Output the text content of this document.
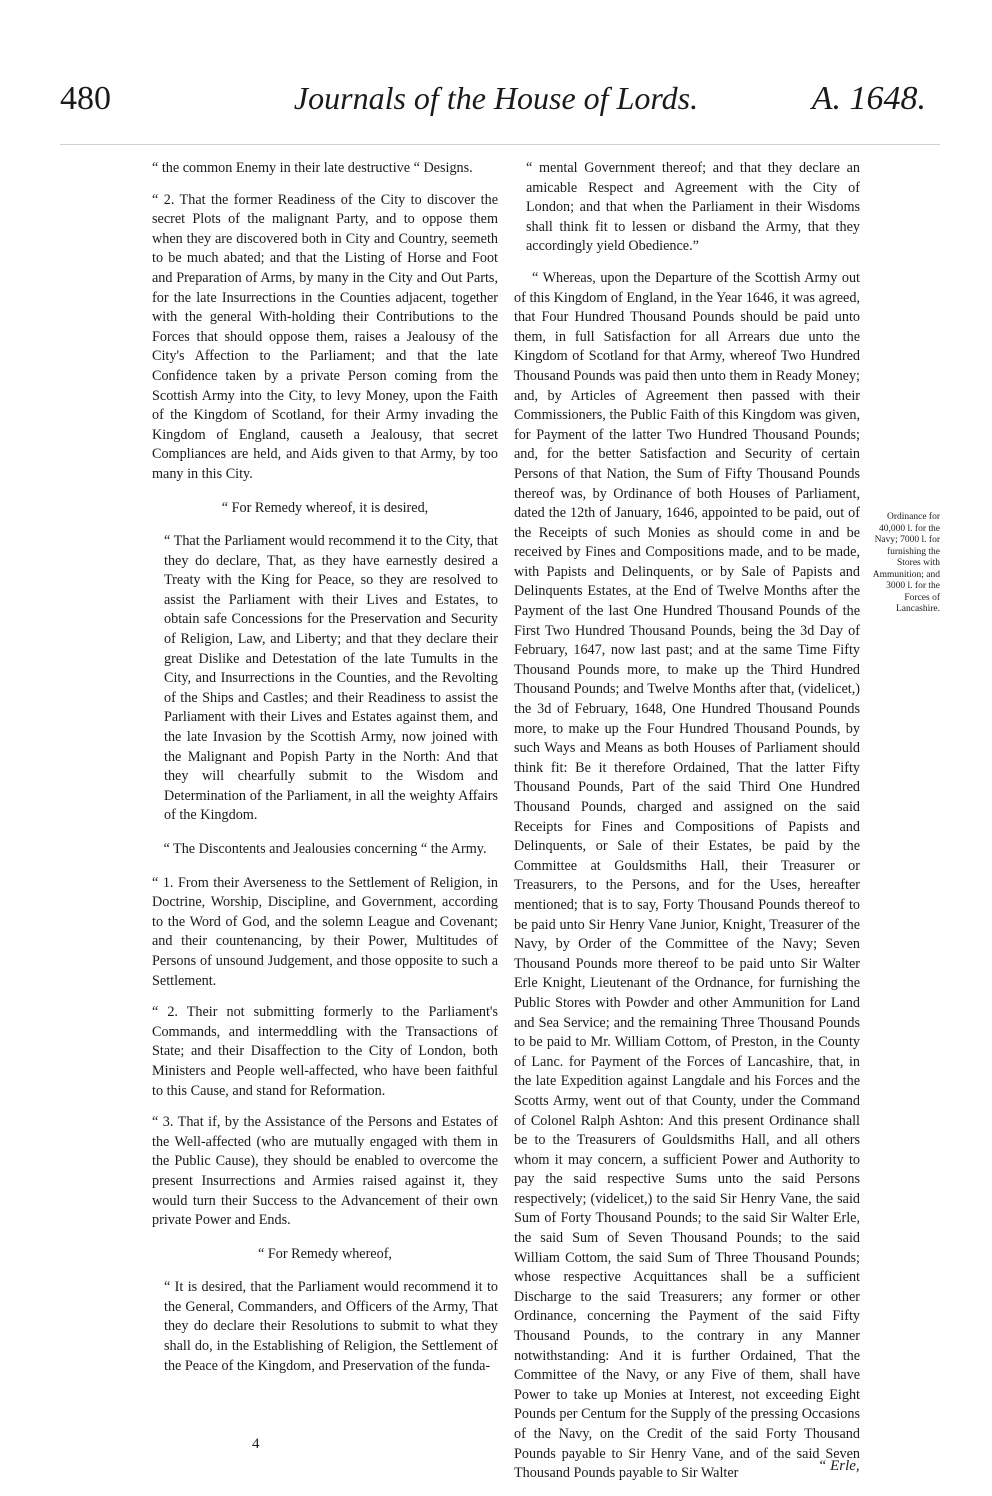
480	Journals of the House of Lords.	A. 1648.

“ the common Enemy in their late destructive “ Designs.

“ 2. That the former Readiness of the City to discover the secret Plots of the malignant Party, and to oppose them when they are discovered both in City and Country, seemeth to be much abated; and that the Listing of Horse and Foot and Preparation of Arms, by many in the City and Out Parts, for the late Insurrections in the Counties adjacent, together with the general With-holding their Contributions to the Forces that should oppose them, raises a Jealousy of the City's Affection to the Parliament; and that the late Confidence taken by a private Person coming from the Scottish Army into the City, to levy Money, upon the Faith of the Kingdom of Scotland, for their Army invading the Kingdom of England, causeth a Jealousy, that secret Compliances are held, and Aids given to that Army, by too many in this City.

“ For Remedy whereof, it is desired,

“ That the Parliament would recommend it to the City, that they do declare, That, as they have earnestly desired a Treaty with the King for Peace, so they are resolved to assist the Parliament with their Lives and Estates, to obtain safe Concessions for the Preservation and Security of Religion, Law, and Liberty; and that they declare their great Dislike and Detestation of the late Tumults in the City, and Insurrections in the Counties, and the Revolting of the Ships and Castles; and their Readiness to assist the Parliament with their Lives and Estates against them, and the late Invasion by the Scottish Army, now joined with the Malignant and Popish Party in the North: And that they will chearfully submit to the Wisdom and Determination of the Parliament, in all the weighty Affairs of the Kingdom.

“ The Discontents and Jealousies concerning “ the Army.

“ 1. From their Averseness to the Settlement of Religion, in Doctrine, Worship, Discipline, and Government, according to the Word of God, and the solemn League and Covenant; and their countenancing, by their Power, Multitudes of Persons of unsound Judgement, and those opposite to such a Settlement.

“ 2. Their not submitting formerly to the Parliament's Commands, and intermeddling with the Transactions of State; and their Disaffection to the City of London, both Ministers and People well-affected, who have been faithful to this Cause, and stand for Reformation.

“ 3. That if, by the Assistance of the Persons and Estates of the Well-affected (who are mutually engaged with them in the Public Cause), they should be enabled to overcome the present Insurrections and Armies raised against it, they would turn their Success to the Advancement of their own private Power and Ends.

“ For Remedy whereof,

“ It is desired, that the Parliament would recommend it to the General, Commanders, and Officers of the Army, That they do declare their Resolutions to submit to what they shall do, in the Establishing of Religion, the Settlement of the Peace of the Kingdom, and Preservation of the funda-

“ mental Government thereof; and that they declare an amicable Respect and Agreement with the City of London; and that when the Parliament in their Wisdoms shall think fit to lessen or disband the Army, that they accordingly yield Obedience.”

“ Whereas, upon the Departure of the Scottish Army out of this Kingdom of England, in the Year 1646, it was agreed, that Four Hundred Thousand Pounds should be paid unto them, in full Satisfaction for all Arrears due unto the Kingdom of Scotland for that Army, whereof Two Hundred Thousand Pounds was paid then unto them in Ready Money; and, by Articles of Agreement then passed with their Commissioners, the Public Faith of this Kingdom was given, for Payment of the latter Two Hundred Thousand Pounds; and, for the better Satisfaction and Security of certain Persons of that Nation, the Sum of Fifty Thousand Pounds thereof was, by Ordinance of both Houses of Parliament, dated the 12th of January, 1646, appointed to be paid, out of the Receipts of such Monies as should come in and be received by Fines and Compositions made, and to be made, with Papists and Delinquents, or by Sale of Papists and Delinquents Estates, at the End of Twelve Months after the Payment of the last One Hundred Thousand Pounds of the First Two Hundred Thousand Pounds, being the 3d Day of February, 1647, now last past; and at the same Time Fifty Thousand Pounds more, to make up the Third Hundred Thousand Pounds; and Twelve Months after that, (videlicet,) the 3d of February, 1648, One Hundred Thousand Pounds more, to make up the Four Hundred Thousand Pounds, by such Ways and Means as both Houses of Parliament should think fit: Be it therefore Ordained, That the latter Fifty Thousand Pounds, Part of the said Third One Hundred Thousand Pounds, charged and assigned on the said Receipts for Fines and Compositions of Papists and Delinquents, or Sale of their Estates, be paid by the Committee at Gouldsmiths Hall, their Treasurer or Treasurers, to the Persons, and for the Uses, hereafter mentioned; that is to say, Forty Thousand Pounds thereof to be paid unto Sir Henry Vane Junior, Knight, Treasurer of the Navy, by Order of the Committee of the Navy; Seven Thousand Pounds more thereof to be paid unto Sir Walter Erle Knight, Lieutenant of the Ordnance, for furnishing the Public Stores with Powder and other Ammunition for Land and Sea Service; and the remaining Three Thousand Pounds to be paid to Mr. William Cottom, of Preston, in the County of Lanc. for Payment of the Forces of Lancashire, that, in the late Expedition against Langdale and his Forces and the Scotts Army, went out of that County, under the Command of Colonel Ralph Ashton: And this present Ordinance shall be to the Treasurers of Gouldsmiths Hall, and all others whom it may concern, a sufficient Power and Authority to pay the said respective Sums unto the said Persons respectively; (videlicet,) to the said Sir Henry Vane, the said Sum of Forty Thousand Pounds; to the said Sir Walter Erle, the said Sum of Seven Thousand Pounds; to the said William Cottom, the said Sum of Three Thousand Pounds; whose respective Acquittances shall be a sufficient Discharge to the said Treasurers; any former or other Ordinance, concerning the Payment of the said Fifty Thousand Pounds, to the contrary in any Manner notwithstanding: And it is further Ordained, That the Committee of the Navy, or any Five of them, shall have Power to take up Monies at Interest, not exceeding Eight Pounds per Centum for the Supply of the pressing Occasions of the Navy, on the Credit of the said Forty Thousand Pounds payable to Sir Henry Vane, and of the said Seven Thousand Pounds payable to Sir Walter

Ordinance for 40,000 l. for the Navy; 7000 l. for furnishing the Stores with Ammunition; and 3000 l. for the Forces of Lancashire.
4
“ Erle,
